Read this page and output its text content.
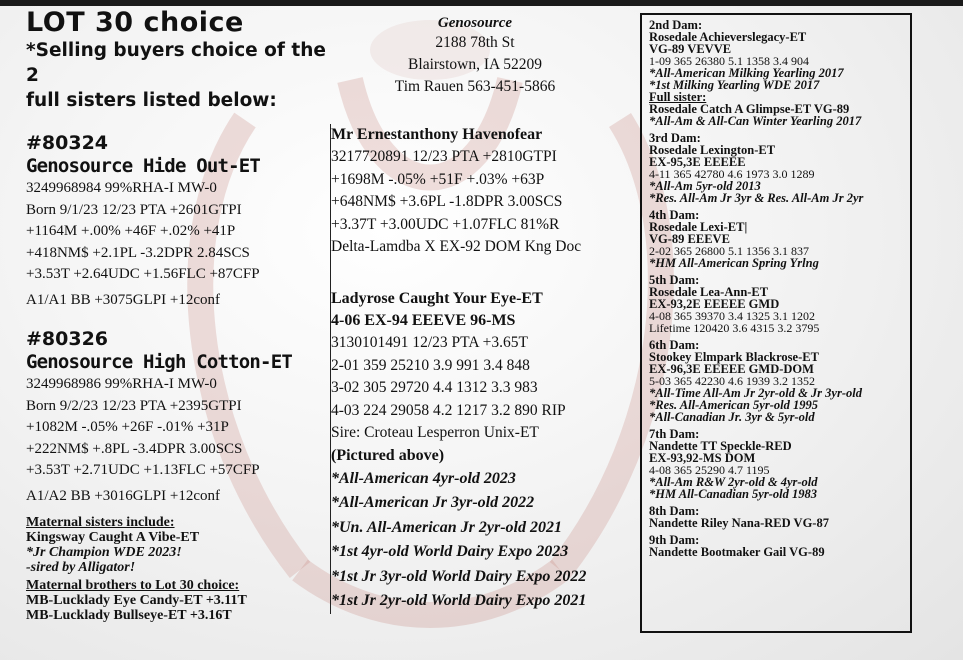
LOT 30 choice
*Selling buyers choice of the 2
full sisters listed below:
#80324
Genosource Hide Out-ET
3249968984 99%RHA-I MW-0
Born 9/1/23 12/23 PTA +2601GTPI
+1164M +.00% +46F +.02% +41P
+418NM$ +2.1PL -3.2DPR 2.84SCS
+3.53T +2.64UDC +1.56FLC +87CFP
A1/A1 BB +3075GLPI +12conf
#80326
Genosource High Cotton-ET
3249968986 99%RHA-I MW-0
Born 9/2/23 12/23 PTA +2395GTPI
+1082M -.05% +26F -.01% +31P
+222NM$ +.8PL -3.4DPR 3.00SCS
+3.53T +2.71UDC +1.13FLC +57CFP
A1/A2 BB +3016GLPI +12conf
Maternal sisters include:
Kingsway Caught A Vibe-ET
*Jr Champion WDE 2023!
-sired by Alligator!
Maternal brothers to Lot 30 choice:
MB-Lucklady Eye Candy-ET +3.11T
MB-Lucklady Bullseye-ET +3.16T
Genosource
2188 78th St
Blairstown, IA 52209
Tim Rauen 563-451-5866
Mr Ernestanthony Havenofear
3217720891 12/23 PTA +2810GTPI
+1698M -.05% +51F +.03% +63P
+648NM$ +3.6PL -1.8DPR 3.00SCS
+3.37T +3.00UDC +1.07FLC 81%R
Delta-Lamdba X EX-92 DOM Kng Doc
Ladyrose Caught Your Eye-ET
4-06 EX-94 EEEVE 96-MS
3130101491 12/23 PTA +3.65T
2-01 359 25210 3.9 991 3.4 848
3-02 305 29720 4.4 1312 3.3 983
4-03 224 29058 4.2 1217 3.2 890 RIP
Sire: Croteau Lesperron Unix-ET
(Pictured above)
*All-American 4yr-old 2023
*All-American Jr 3yr-old 2022
*Un. All-American Jr 2yr-old 2021
*1st 4yr-old World Dairy Expo 2023
*1st Jr 3yr-old World Dairy Expo 2022
*1st Jr 2yr-old World Dairy Expo 2021
2nd Dam:
Rosedale Achieverslegacy-ET
VG-89 VEVVE
1-09 365 26380 5.1 1358 3.4 904
*All-American Milking Yearling 2017
*1st Milking Yearling WDE 2017
Full sister:
Rosedale Catch A Glimpse-ET VG-89
*All-Am & All-Can Winter Yearling 2017
3rd Dam:
Rosedale Lexington-ET
EX-95,3E EEEEE
4-11 365 42780 4.6 1973 3.0 1289
*All-Am 5yr-old 2013
*Res. All-Am Jr 3yr & Res. All-Am Jr 2yr
4th Dam:
Rosedale Lexi-ET|
VG-89 EEEVE
2-02 365 26800 5.1 1356 3.1 837
*HM All-American Spring Yrlng
5th Dam:
Rosedale Lea-Ann-ET
EX-93,2E EEEEE GMD
4-08 365 39370 3.4 1325 3.1 1202
Lifetime 120420 3.6 4315 3.2 3795
6th Dam:
Stookey Elmpark Blackrose-ET
EX-96,3E EEEEE GMD-DOM
5-03 365 42230 4.6 1939 3.2 1352
*All-Time All-Am Jr 2yr-old & Jr 3yr-old
*Res. All-American 5yr-old 1995
*All-Canadian Jr. 3yr & 5yr-old
7th Dam:
Nandette TT Speckle-RED
EX-93,92-MS DOM
4-08 365 25290 4.7 1195
*All-Am R&W 2yr-old & 4yr-old
*HM All-Canadian 5yr-old 1983
8th Dam:
Nandette Riley Nana-RED VG-87
9th Dam:
Nandette Bootmaker Gail VG-89
